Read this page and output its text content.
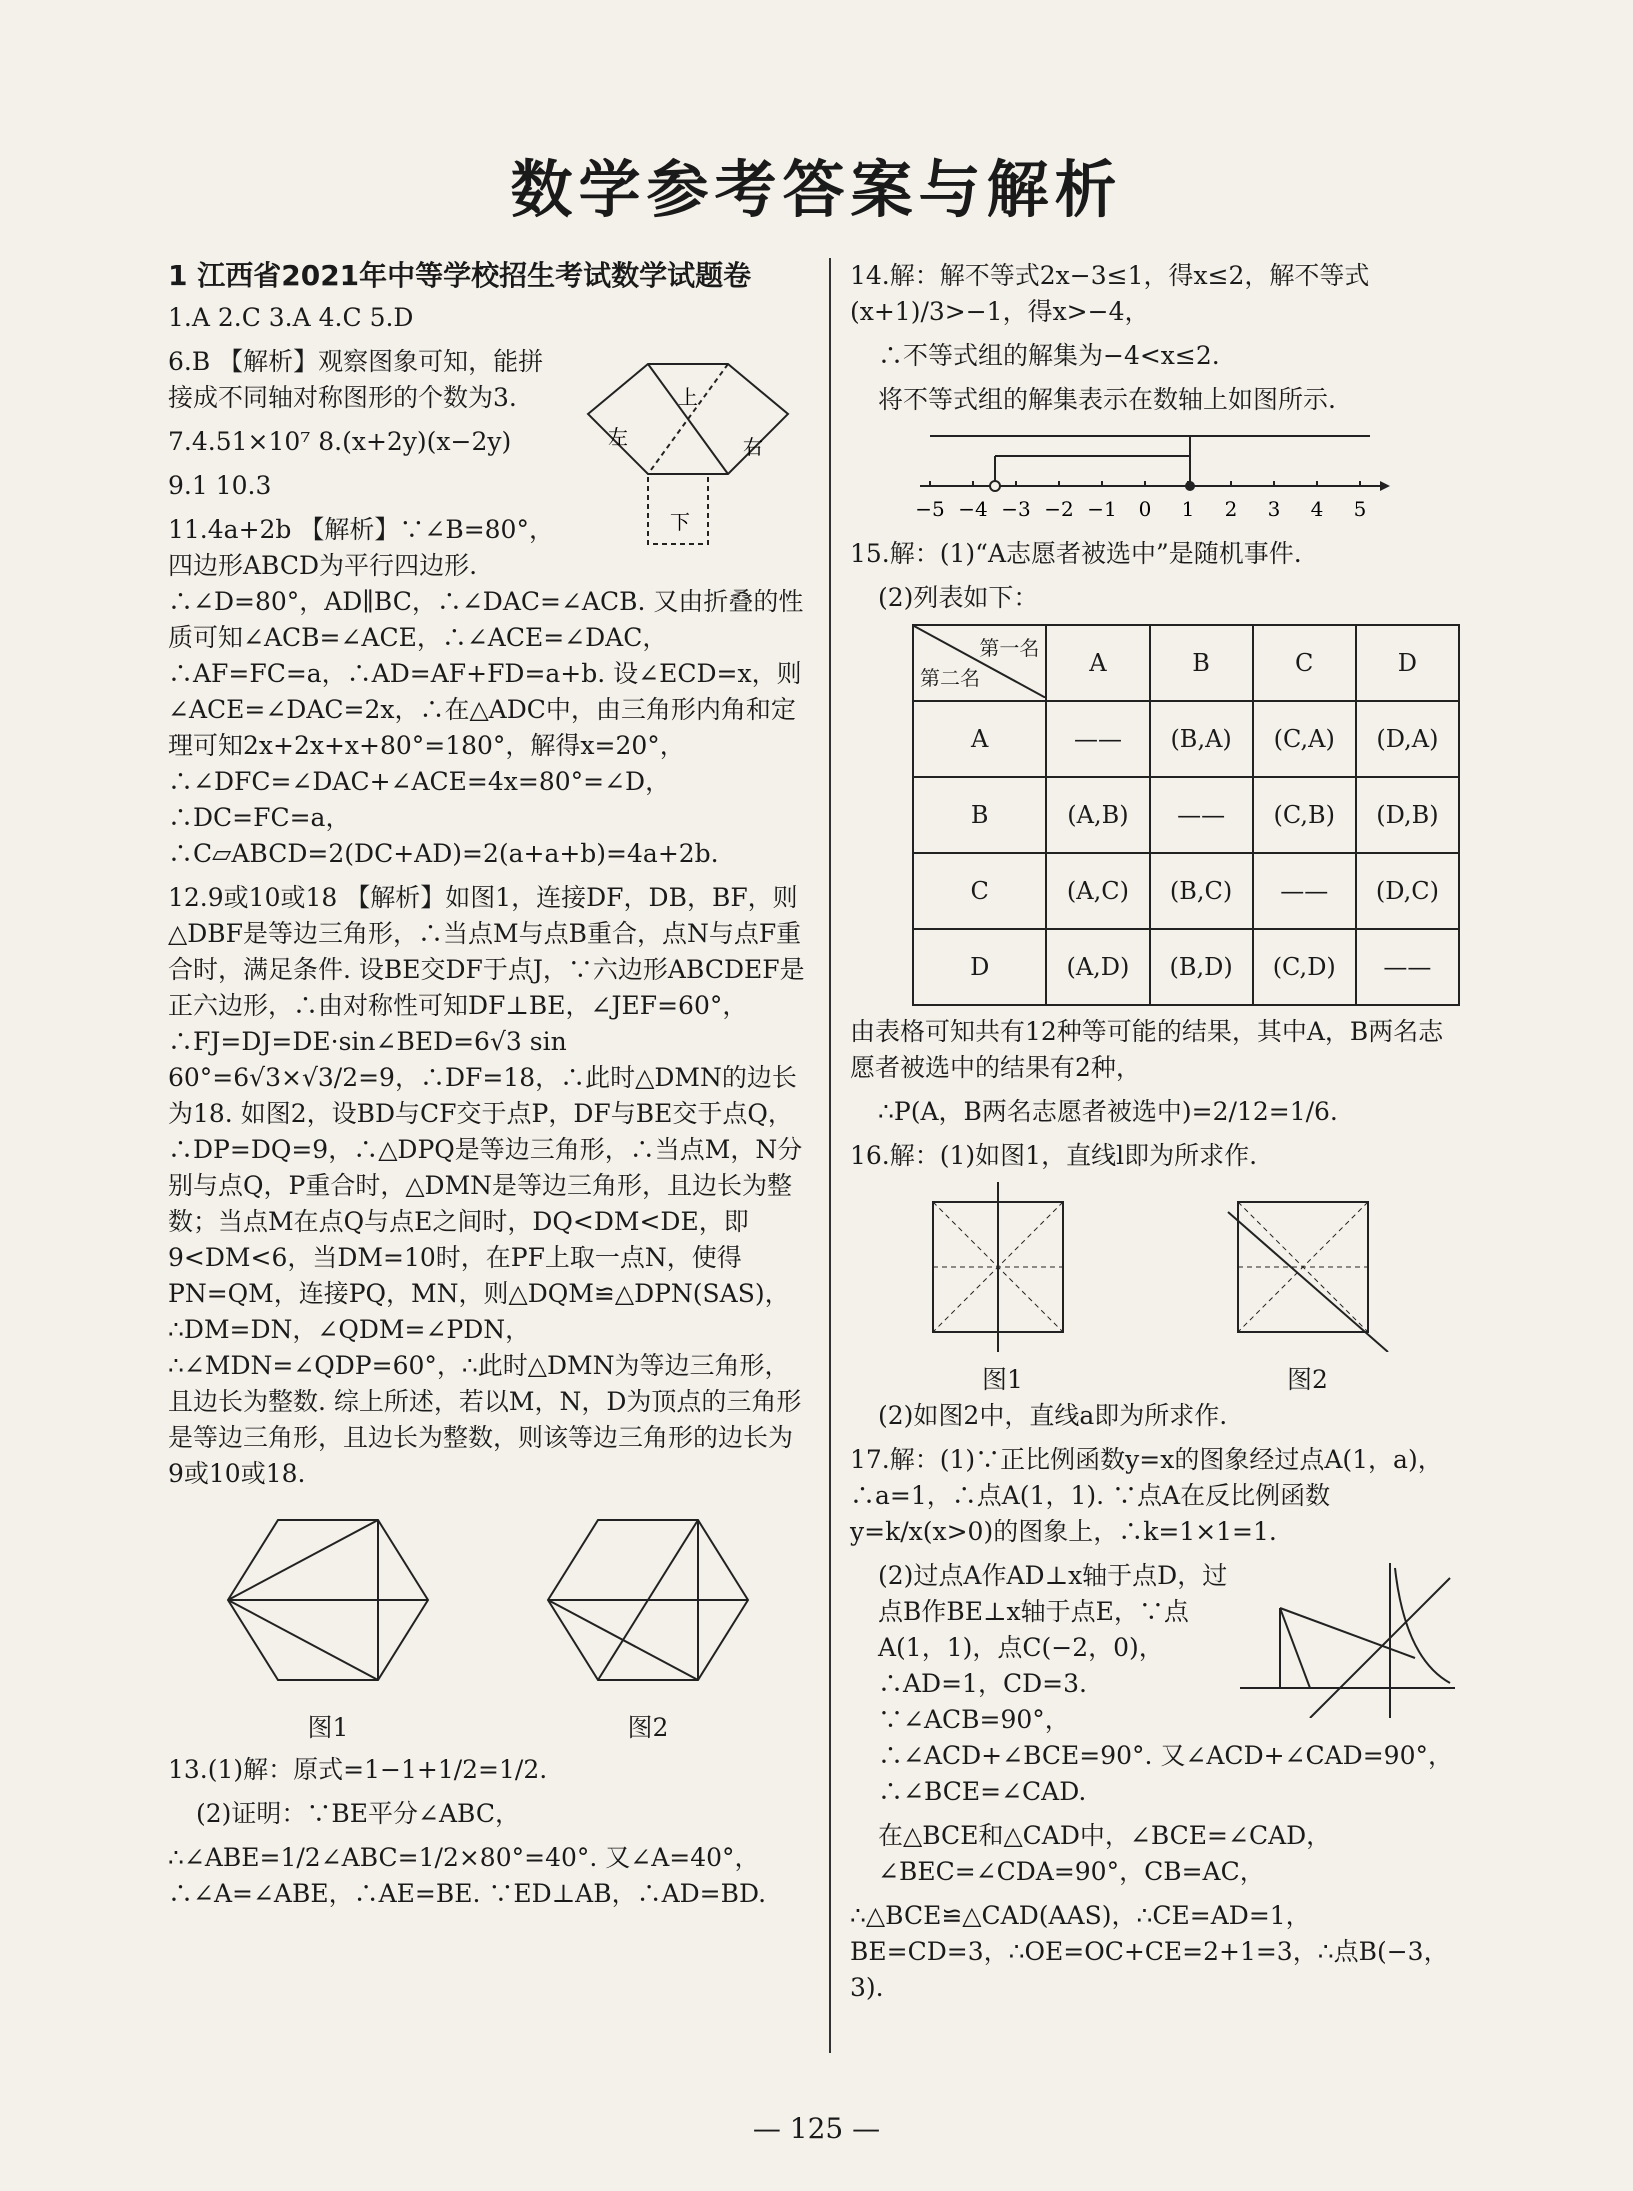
数学参考答案与解析
1 江西省2021年中等学校招生考试数学试题卷
1.A 2.C 3.A 4.C 5.D
左
上
右
下
6.B 【解析】观察图象可知，能拼接成不同轴对称图形的个数为3.
7.4.51×10⁷ 8.(x+2y)(x−2y)
9.1 10.3
11.4a+2b 【解析】∵∠B=80°，四边形ABCD为平行四边形. ∴∠D=80°，AD∥BC，∴∠DAC=∠ACB. 又由折叠的性质可知∠ACB=∠ACE，∴∠ACE=∠DAC，∴AF=FC=a，∴AD=AF+FD=a+b. 设∠ECD=x，则∠ACE=∠DAC=2x，∴在△ADC中，由三角形内角和定理可知2x+2x+x+80°=180°，解得x=20°，∴∠DFC=∠DAC+∠ACE=4x=80°=∠D，∴DC=FC=a，∴C▱ABCD=2(DC+AD)=2(a+a+b)=4a+2b.
12.9或10或18 【解析】如图1，连接DF，DB，BF，则△DBF是等边三角形，∴当点M与点B重合，点N与点F重合时，满足条件. 设BE交DF于点J，∵六边形ABCDEF是正六边形，∴由对称性可知DF⊥BE，∠JEF=60°，∴FJ=DJ=DE·sin∠BED=6√3 sin 60°=6√3×√3/2=9，∴DF=18，∴此时△DMN的边长为18. 如图2，设BD与CF交于点P，DF与BE交于点Q，∴DP=DQ=9，∴△DPQ是等边三角形，∴当点M，N分别与点Q，P重合时，△DMN是等边三角形，且边长为整数；当点M在点Q与点E之间时，DQ<DM<DE，即9<DM<6，当DM=10时，在PF上取一点N，使得PN=QM，连接PQ，MN，则△DQM≌△DPN(SAS)，∴DM=DN，∠QDM=∠PDN，∴∠MDN=∠QDP=60°，∴此时△DMN为等边三角形，且边长为整数. 综上所述，若以M，N，D为顶点的三角形是等边三角形，且边长为整数，则该等边三角形的边长为9或10或18.
图1	图2
13.(1)解：原式=1−1+1/2=1/2.
(2)证明：∵BE平分∠ABC，
∴∠ABE=1/2∠ABC=1/2×80°=40°. 又∠A=40°，∴∠A=∠ABE，∴AE=BE. ∵ED⊥AB，∴AD=BD.
14.解：解不等式2x−3≤1，得x≤2，解不等式(x+1)/3>−1，得x>−4，
∴不等式组的解集为−4<x≤2.
将不等式组的解集表示在数轴上如图所示.
−5 −4 −3 −2 −1 0 1 2 3 4 5
15.解：(1)“A志愿者被选中”是随机事件.
(2)列表如下：
第一名
第二名	A	B	C	D
A	——	(B,A)	(C,A)	(D,A)
B	(A,B)	——	(C,B)	(D,B)
C	(A,C)	(B,C)	——	(D,C)
D	(A,D)	(B,D)	(C,D)	——
由表格可知共有12种等可能的结果，其中A，B两名志愿者被选中的结果有2种，
∴P(A，B两名志愿者被选中)=2/12=1/6.
16.解：(1)如图1，直线l即为所求作.
图1	图2
(2)如图2中，直线a即为所求作.
17.解：(1)∵正比例函数y=x的图象经过点A(1，a)，∴a=1，∴点A(1，1). ∵点A在反比例函数y=k/x(x>0)的图象上，∴k=1×1=1.
(2)过点A作AD⊥x轴于点D，过点B作BE⊥x轴于点E，∵点A(1，1)，点C(−2，0)，∴AD=1，CD=3. ∵∠ACB=90°，∴∠ACD+∠BCE=90°. 又∠ACD+∠CAD=90°，∴∠BCE=∠CAD.
在△BCE和△CAD中，∠BCE=∠CAD，∠BEC=∠CDA=90°，CB=AC，
∴△BCE≌△CAD(AAS)，∴CE=AD=1，BE=CD=3，∴OE=OC+CE=2+1=3，∴点B(−3，3).
— 125 —
